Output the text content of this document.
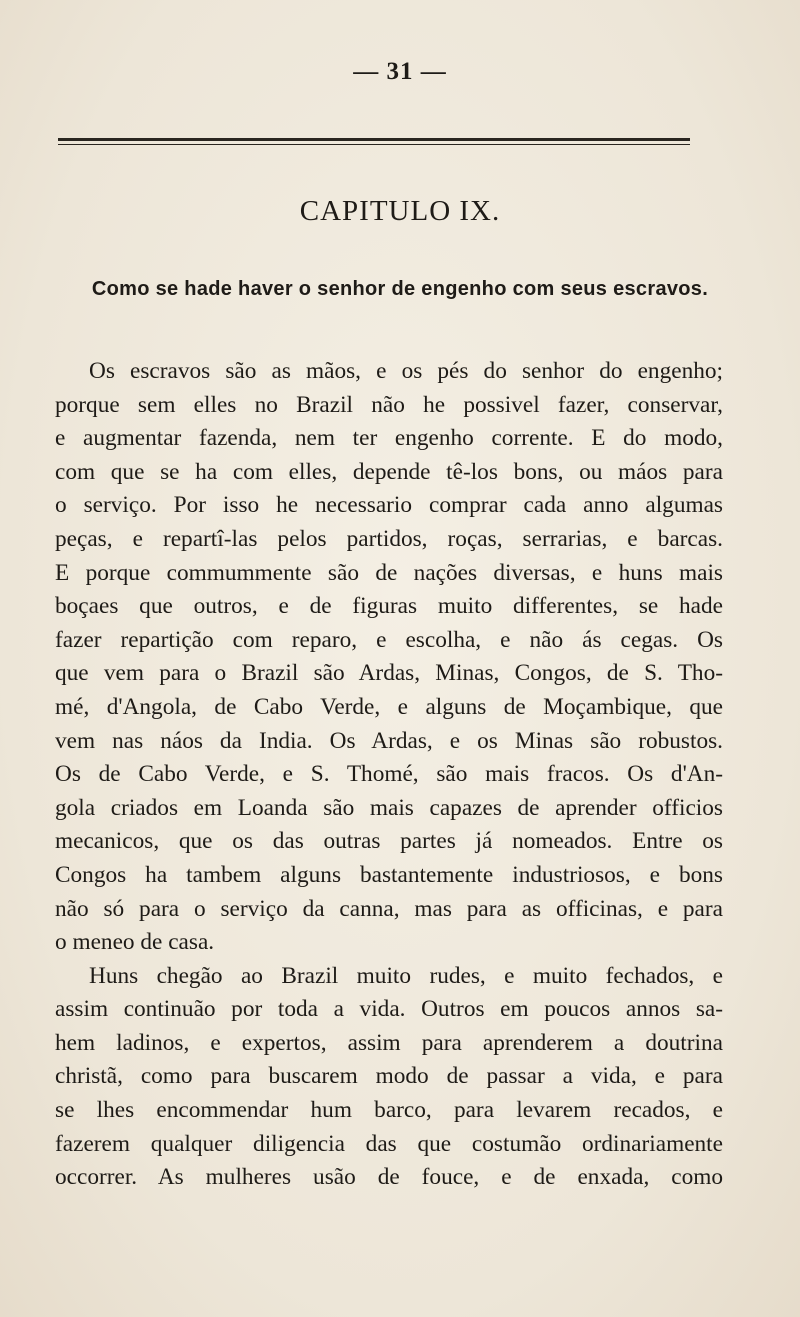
— 31 —
CAPITULO IX.
Como se hade haver o senhor de engenho com seus escravos.
Os escravos são as mãos, e os pés do senhor do engenho;
porque sem elles no Brazil não he possivel fazer, conservar,
e augmentar fazenda, nem ter engenho corrente. E do modo,
com que se ha com elles, depende tê-los bons, ou máos para
o serviço. Por isso he necessario comprar cada anno algumas
peças, e repartî-las pelos partidos, roças, serrarias, e barcas.
E porque commummente são de nações diversas, e huns mais
boçaes que outros, e de figuras muito differentes, se hade
fazer repartição com reparo, e escolha, e não ás cegas. Os
que vem para o Brazil são Ardas, Minas, Congos, de S. Tho-
mé, d'Angola, de Cabo Verde, e alguns de Moçambique, que
vem nas náos da India. Os Ardas, e os Minas são robustos.
Os de Cabo Verde, e S. Thomé, são mais fracos. Os d'An-
gola criados em Loanda são mais capazes de aprender officios
mecanicos, que os das outras partes já nomeados. Entre os
Congos ha tambem alguns bastantemente industriosos, e bons
não só para o serviço da canna, mas para as officinas, e para
o meneo de casa.
Huns chegão ao Brazil muito rudes, e muito fechados, e
assim continuão por toda a vida. Outros em poucos annos sa-
hem ladinos, e expertos, assim para aprenderem a doutrina
christã, como para buscarem modo de passar a vida, e para
se lhes encommendar hum barco, para levarem recados, e
fazerem qualquer diligencia das que costumão ordinariamente
occorrer. As mulheres usão de fouce, e de enxada, como
